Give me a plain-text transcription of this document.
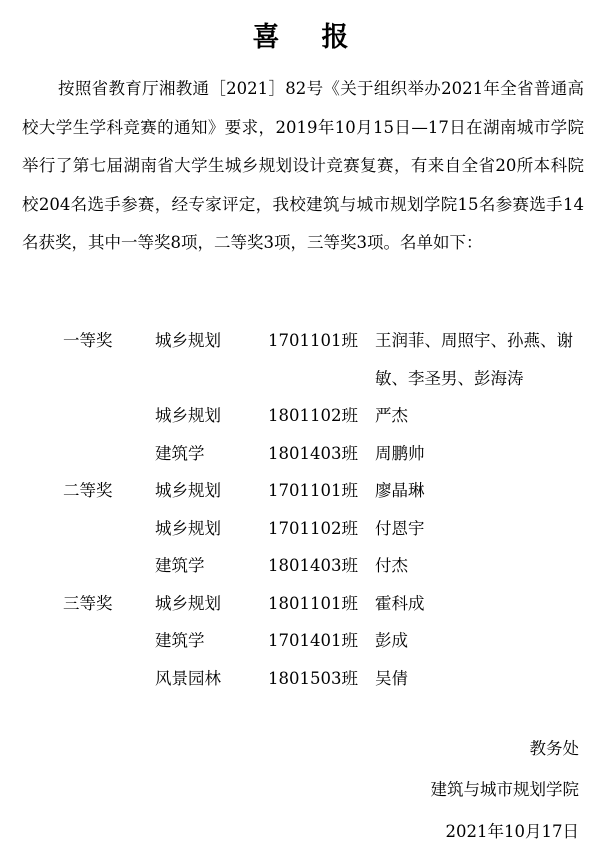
喜报

按照省教育厅湘教通［2021］82号《关于组织举办2021年全省普通高校大学生学科竞赛的通知》要求，2019年10月15日—17日在湖南城市学院举行了第七届湖南省大学生城乡规划设计竞赛复赛，有来自全省20所本科院校204名选手参赛，经专家评定，我校建筑与城市规划学院15名参赛选手14名获奖，其中一等奖8项，二等奖3项，三等奖3项。名单如下：

一等奖	城乡规划	1701101班 王润菲、周照宇、孙燕、谢敏、李圣男、彭海涛
城乡规划	1801102班 严杰
建筑学	1801403班 周鹏帅
二等奖	城乡规划	1701101班 廖晶琳
城乡规划	1701102班 付恩宇
建筑学	1801403班 付杰
三等奖	城乡规划	1801101班 霍科成
建筑学	1701401班 彭成
风景园林	1801503班 吴倩
教务处
建筑与城市规划学院
2021年10月17日
